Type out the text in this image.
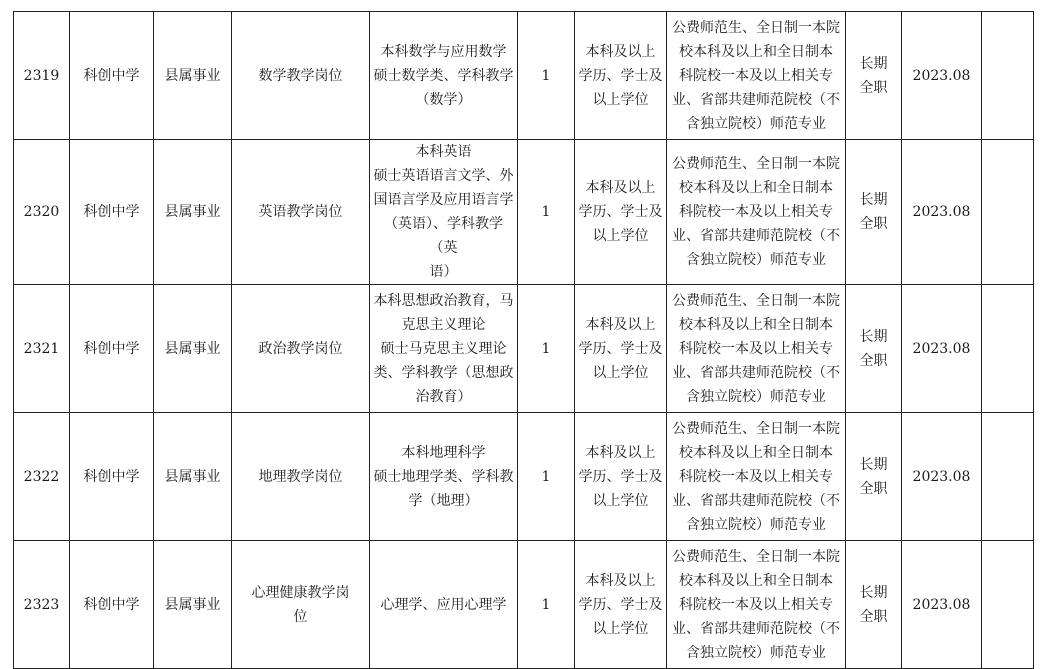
2319	科创中学	县属事业	数学教学岗位	本科数学与应用数学
硕士数学类、学科教学
（数学）	1	本科及以上
学历、学士及
以上学位	公费师范生、全日制一本院
校本科及以上和全日制本
科院校一本及以上相关专
业、省部共建师范院校（不
含独立院校）师范专业	长期
全职	2023.08	
2320	科创中学	县属事业	英语教学岗位	本科英语
硕士英语语言文学、外
国语言学及应用语言学
（英语）、学科教学（英
语）	1	本科及以上
学历、学士及
以上学位	公费师范生、全日制一本院
校本科及以上和全日制本
科院校一本及以上相关专
业、省部共建师范院校（不
含独立院校）师范专业	长期
全职	2023.08	
2321	科创中学	县属事业	政治教学岗位	本科思想政治教育，马
克思主义理论
硕士马克思主义理论
类、学科教学（思想政
治教育）	1	本科及以上
学历、学士及
以上学位	公费师范生、全日制一本院
校本科及以上和全日制本
科院校一本及以上相关专
业、省部共建师范院校（不
含独立院校）师范专业	长期
全职	2023.08	
2322	科创中学	县属事业	地理教学岗位	本科地理科学
硕士地理学类、学科教
学（地理）	1	本科及以上
学历、学士及
以上学位	公费师范生、全日制一本院
校本科及以上和全日制本
科院校一本及以上相关专
业、省部共建师范院校（不
含独立院校）师范专业	长期
全职	2023.08	
2323	科创中学	县属事业	心理健康教学岗
位	心理学、应用心理学	1	本科及以上
学历、学士及
以上学位	公费师范生、全日制一本院
校本科及以上和全日制本
科院校一本及以上相关专
业、省部共建师范院校（不
含独立院校）师范专业	长期
全职	2023.08	
